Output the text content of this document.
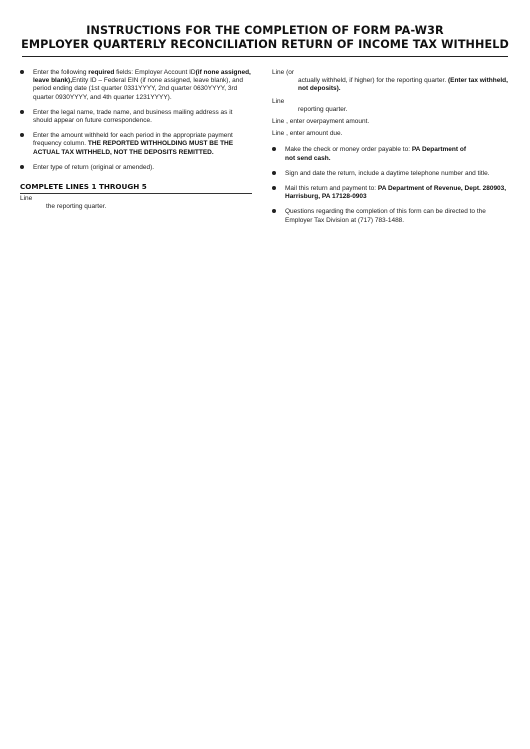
INSTRUCTIONS FOR THE COMPLETION OF FORM PA-W3R
EMPLOYER QUARTERLY RECONCILIATION RETURN OF INCOME TAX WITHHELD
Enter the following required fields: Employer Account ID(if none assigned, leave blank),Entity ID – Federal EIN (if none assigned, leave blank), and period ending date (1st quarter 0331YYYY, 2nd quarter 0630YYYY, 3rd quarter 0930YYYY, and 4th quarter 1231YYYY).
Enter the legal name, trade name, and business mailing address as it should appear on future correspondence.
Enter the amount withheld for each period in the appropriate payment frequency column. THE REPORTED WITHHOLDING MUST BE THE ACTUAL TAX WITHHELD, NOT THE DEPOSITS REMITTED.
Enter type of return (original or amended).
COMPLETE LINES 1 THROUGH 5
Line
the reporting quarter.
Line (or
actually withheld, if higher) for the reporting quarter. (Enter tax withheld, not deposits).
Line
reporting quarter.
Line , enter overpayment amount.
Line , enter amount due.
Make the check or money order payable to: PA Department of
not send cash.
Sign and date the return, include a daytime telephone number and title.
Mail this return and payment to: PA Department of Revenue, Dept. 280903, Harrisburg, PA 17128-0903
Questions regarding the completion of this form can be directed to the Employer Tax Division at (717) 783-1488.
